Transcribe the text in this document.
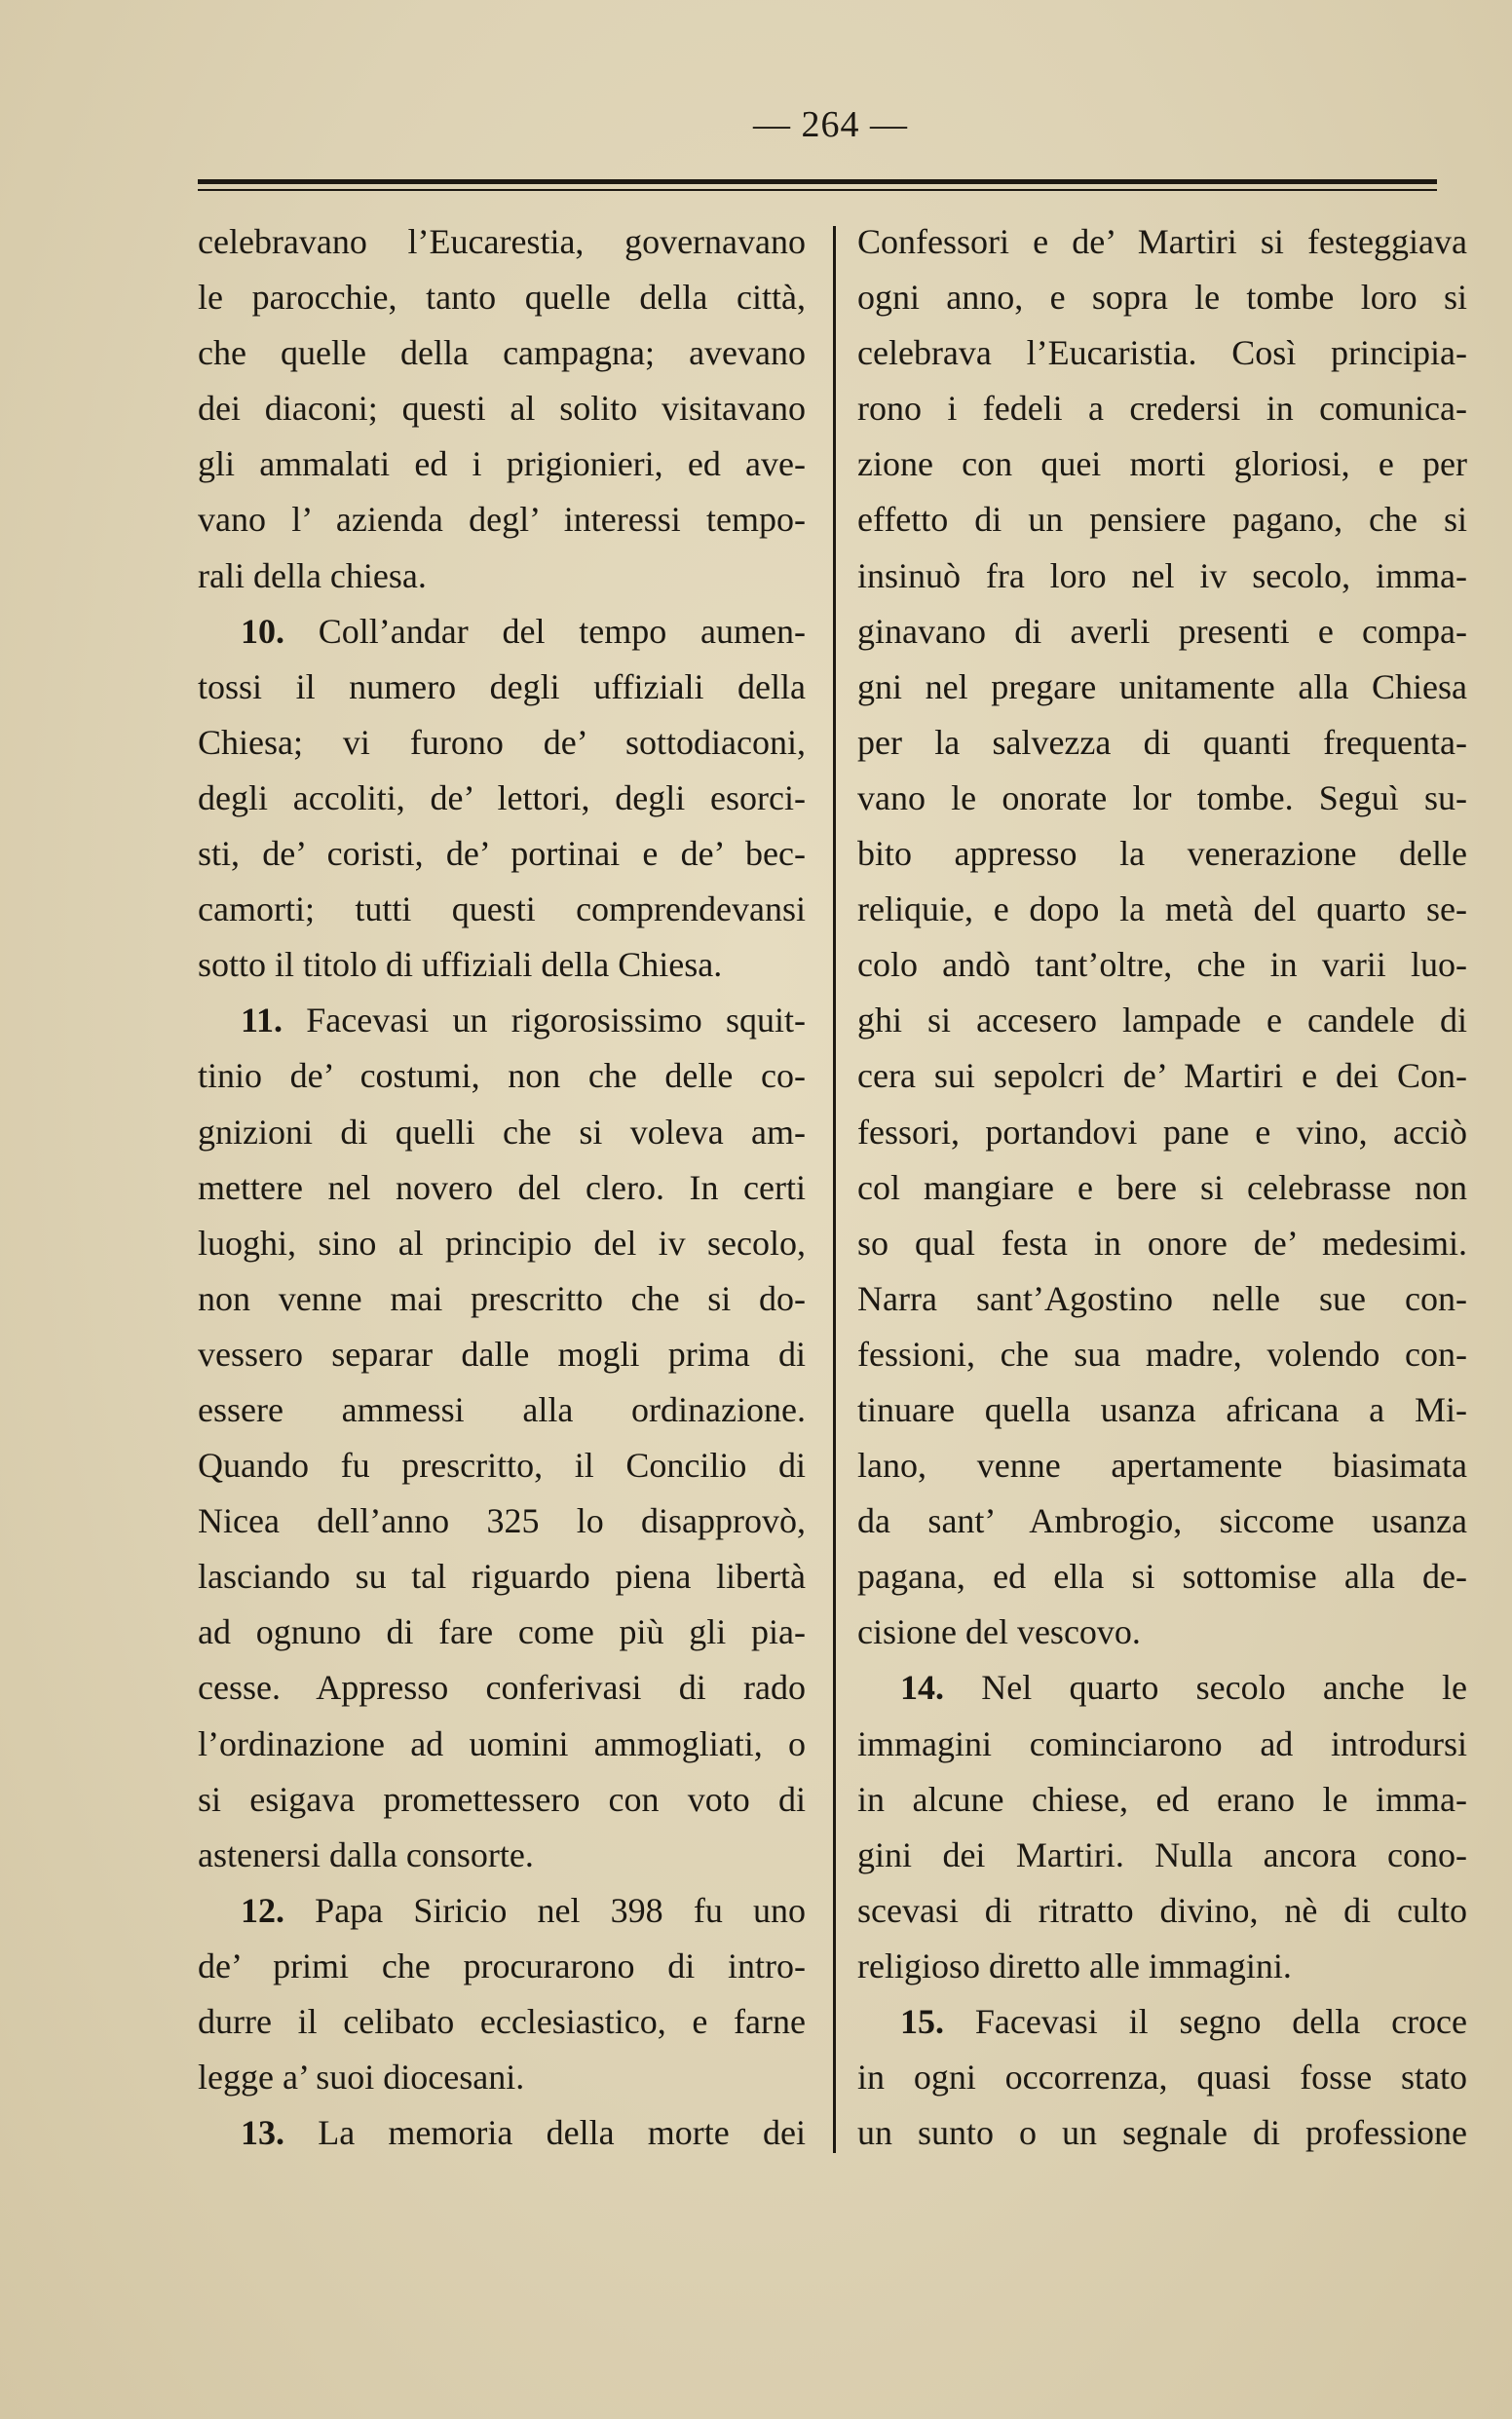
— 264 —
celebravano l’Eucarestia, governavano
le parocchie, tanto quelle della città,
che quelle della campagna; avevano
dei diaconi; questi al solito visitavano
gli ammalati ed i prigionieri, ed ave-
vano l’ azienda degl’ interessi tempo-
rali della chiesa.
10. Coll’andar del tempo aumen-
tossi il numero degli uffiziali della
Chiesa; vi furono de’ sottodiaconi,
degli accoliti, de’ lettori, degli esorci-
sti, de’ coristi, de’ portinai e de’ bec-
camorti; tutti questi comprendevansi
sotto il titolo di uffiziali della Chiesa.
11. Facevasi un rigorosissimo squit-
tinio de’ costumi, non che delle co-
gnizioni di quelli che si voleva am-
mettere nel novero del clero. In certi
luoghi, sino al principio del iv secolo,
non venne mai prescritto che si do-
vessero separar dalle mogli prima di
essere ammessi alla ordinazione.
Quando fu prescritto, il Concilio di
Nicea dell’anno 325 lo disapprovò,
lasciando su tal riguardo piena libertà
ad ognuno di fare come più gli pia-
cesse. Appresso conferivasi di rado
l’ordinazione ad uomini ammogliati, o
si esigava promettessero con voto di
astenersi dalla consorte.
12. Papa Siricio nel 398 fu uno
de’ primi che procurarono di intro-
durre il celibato ecclesiastico, e farne
legge a’ suoi diocesani.
13. La memoria della morte dei
Confessori e de’ Martiri si festeggiava
ogni anno, e sopra le tombe loro si
celebrava l’Eucaristia. Così principia-
rono i fedeli a credersi in comunica-
zione con quei morti gloriosi, e per
effetto di un pensiere pagano, che si
insinuò fra loro nel iv secolo, imma-
ginavano di averli presenti e compa-
gni nel pregare unitamente alla Chiesa
per la salvezza di quanti frequenta-
vano le onorate lor tombe. Seguì su-
bito appresso la venerazione delle
reliquie, e dopo la metà del quarto se-
colo andò tant’oltre, che in varii luo-
ghi si accesero lampade e candele di
cera sui sepolcri de’ Martiri e dei Con-
fessori, portandovi pane e vino, acciò
col mangiare e bere si celebrasse non
so qual festa in onore de’ medesimi.
Narra sant’Agostino nelle sue con-
fessioni, che sua madre, volendo con-
tinuare quella usanza africana a Mi-
lano, venne apertamente biasimata
da sant’ Ambrogio, siccome usanza
pagana, ed ella si sottomise alla de-
cisione del vescovo.
14. Nel quarto secolo anche le
immagini cominciarono ad introdursi
in alcune chiese, ed erano le imma-
gini dei Martiri. Nulla ancora cono-
scevasi di ritratto divino, nè di culto
religioso diretto alle immagini.
15. Facevasi il segno della croce
in ogni occorrenza, quasi fosse stato
un sunto o un segnale di professione
